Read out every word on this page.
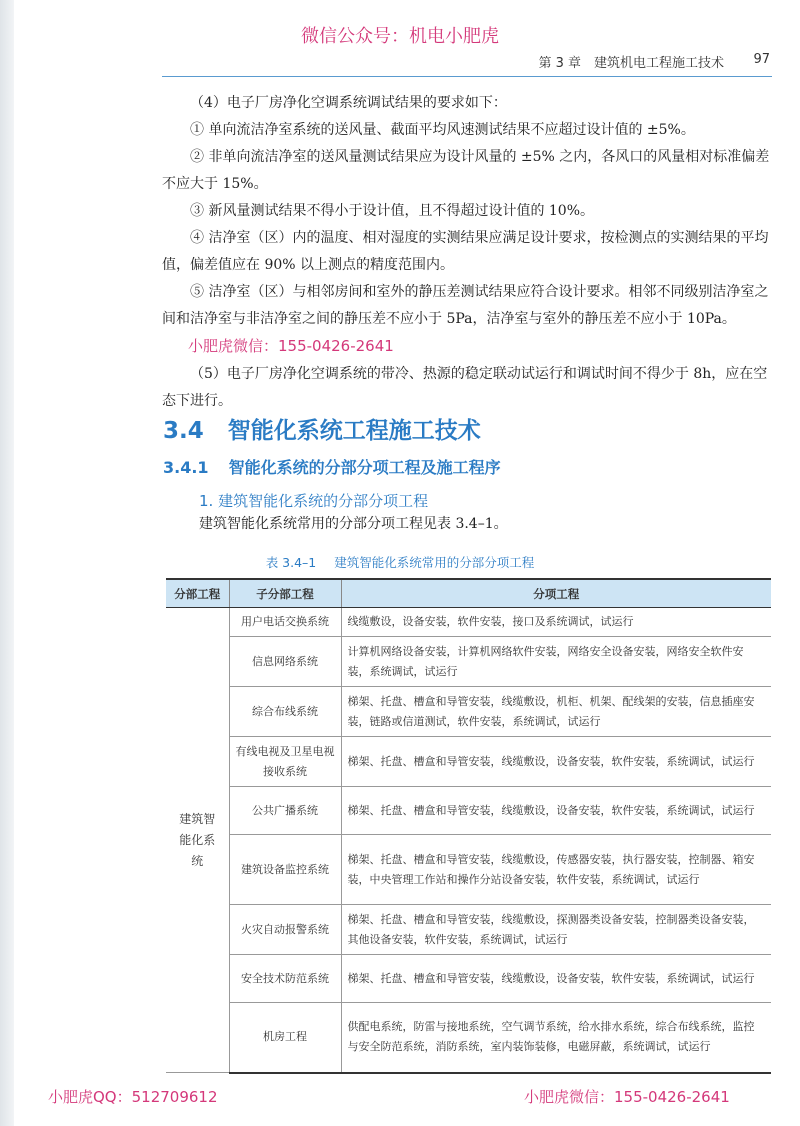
微信公众号：机电小肥虎
第 3 章　建筑机电工程施工技术 97

（4）电子厂房净化空调系统调试结果的要求如下：

① 单向流洁净室系统的送风量、截面平均风速测试结果不应超过设计值的 ±5%。

② 非单向流洁净室的送风量测试结果应为设计风量的 ±5% 之内，各风口的风量相对标准偏差不应大于 15%。

③ 新风量测试结果不得小于设计值，且不得超过设计值的 10%。

④ 洁净室（区）内的温度、相对湿度的实测结果应满足设计要求，按检测点的实测结果的平均值，偏差值应在 90% 以上测点的精度范围内。

⑤ 洁净室（区）与相邻房间和室外的静压差测试结果应符合设计要求。相邻不同级别洁净室之间和洁净室与非洁净室之间的静压差不应小于 5Pa，洁净室与室外的静压差不应小于 10Pa。小肥虎微信：155-0426-2641

（5）电子厂房净化空调系统的带冷、热源的稳定联动试运行和调试时间不得少于 8h，应在空态下进行。

3.4 智能化系统工程施工技术
3.4.1 智能化系统的分部分项工程及施工程序
1. 建筑智能化系统的分部分项工程
建筑智能化系统常用的分部分项工程见表 3.4–1。
表 3.4–1 建筑智能化系统常用的分部分项工程
分部工程	子分部工程	分项工程
建筑智能化系统	用户电话交换系统	线缆敷设，设备安装，软件安装，接口及系统调试，试运行
	信息网络系统	计算机网络设备安装，计算机网络软件安装，网络安全设备安装，网络安全软件安装，系统调试，试运行
	综合布线系统	梯架、托盘、槽盒和导管安装，线缆敷设，机柜、机架、配线架的安装，信息插座安装，链路或信道测试，软件安装，系统调试，试运行
	有线电视及卫星电视接收系统	梯架、托盘、槽盒和导管安装，线缆敷设，设备安装，软件安装，系统调试，试运行
	公共广播系统	梯架、托盘、槽盒和导管安装，线缆敷设，设备安装，软件安装，系统调试，试运行
	建筑设备监控系统	梯架、托盘、槽盒和导管安装，线缆敷设，传感器安装，执行器安装，控制器、箱安装，中央管理工作站和操作分站设备安装，软件安装，系统调试，试运行
	火灾自动报警系统	梯架、托盘、槽盒和导管安装，线缆敷设，探测器类设备安装，控制器类设备安装，其他设备安装，软件安装，系统调试，试运行
	安全技术防范系统	梯架、托盘、槽盒和导管安装，线缆敷设，设备安装，软件安装，系统调试，试运行
	机房工程	供配电系统，防雷与接地系统，空气调节系统，给水排水系统，综合布线系统，监控与安全防范系统，消防系统，室内装饰装修，电磁屏蔽，系统调试，试运行
小肥虎QQ：512709612	小肥虎微信：155-0426-2641
